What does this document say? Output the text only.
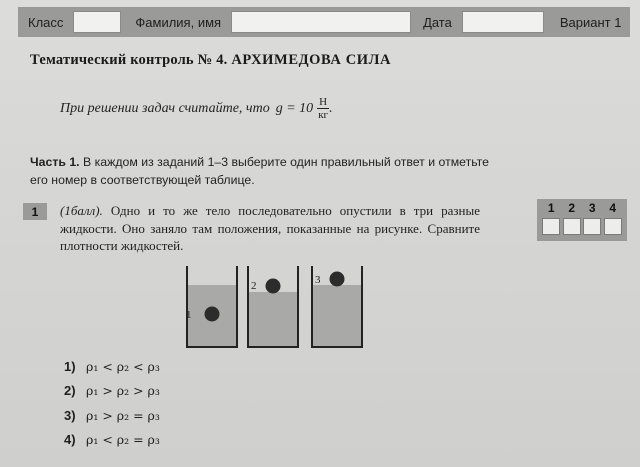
Класс	Фамилия, имя	Дата	Вариант 1
Тематический контроль № 4. АРХИМЕДОВА СИЛА
При решении задач считайте, что $g = 10 \frac{Н}{кг}$ .
Часть 1. В каждом из заданий 1–3 выберите один правильный ответ и отметьте его номер в соответствующей таблице.
1	(1балл). Одно и то же тело последовательно опустили в три разные жидкости. Оно заняло там положения, показанные на рисунке. Сравните плотности жидкостей.
1 2 3 4
1
2	3
1) ρ₁ < ρ₂ < ρ₃
2) ρ₁ > ρ₂ > ρ₃
3) ρ₁ > ρ₂ = ρ₃
4) ρ₁ < ρ₂ = ρ₃
